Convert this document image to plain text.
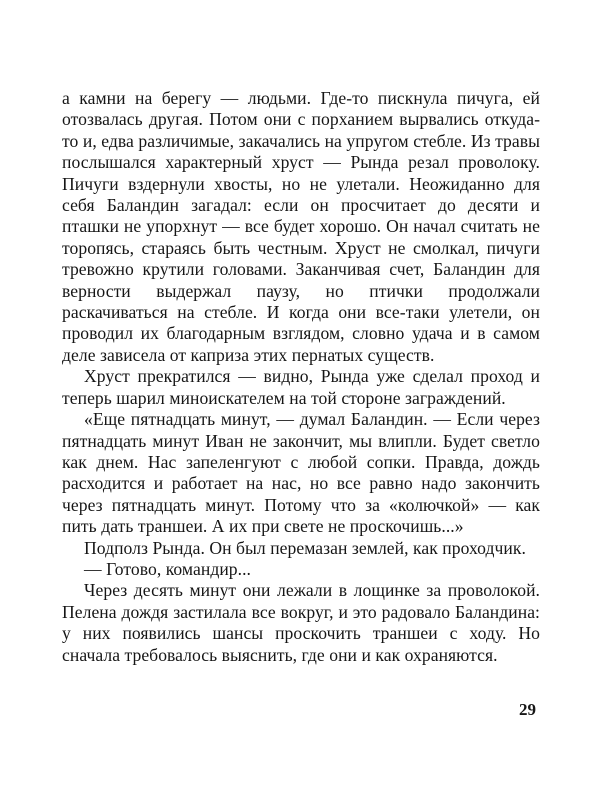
а камни на берегу — людьми. Где-то пискнула пичуга, ей отозвалась другая. Потом они с порханием вырвались откуда-то и, едва различимые, закачались на упругом стебле. Из травы послышался характерный хруст — Рында резал проволоку. Пичуги вздернули хвосты, но не улетали. Неожиданно для себя Баландин загадал: если он просчитает до десяти и пташки не упорхнут — все будет хорошо. Он начал считать не торопясь, стараясь быть честным. Хруст не смолкал, пичуги тревожно крутили головами. Заканчивая счет, Баландин для верности выдержал паузу, но птички продолжали раскачиваться на стебле. И когда они все-таки улетели, он проводил их благодарным взглядом, словно удача и в самом деле зависела от каприза этих пернатых существ.

Хруст прекратился — видно, Рында уже сделал проход и теперь шарил миноискателем на той стороне заграждений.

«Еще пятнадцать минут, — думал Баландин. — Если через пятнадцать минут Иван не закончит, мы влипли. Будет светло как днем. Нас запеленгуют с любой сопки. Правда, дождь расходится и работает на нас, но все равно надо закончить через пятнадцать минут. Потому что за «колючкой» — как пить дать траншеи. А их при свете не проскочишь...»

Подполз Рында. Он был перемазан землей, как проходчик.

— Готово, командир...

Через десять минут они лежали в лощинке за проволокой. Пелена дождя застилала все вокруг, и это радовало Баландина: у них появились шансы проскочить траншеи с ходу. Но сначала требовалось выяснить, где они и как охраняются.

29
